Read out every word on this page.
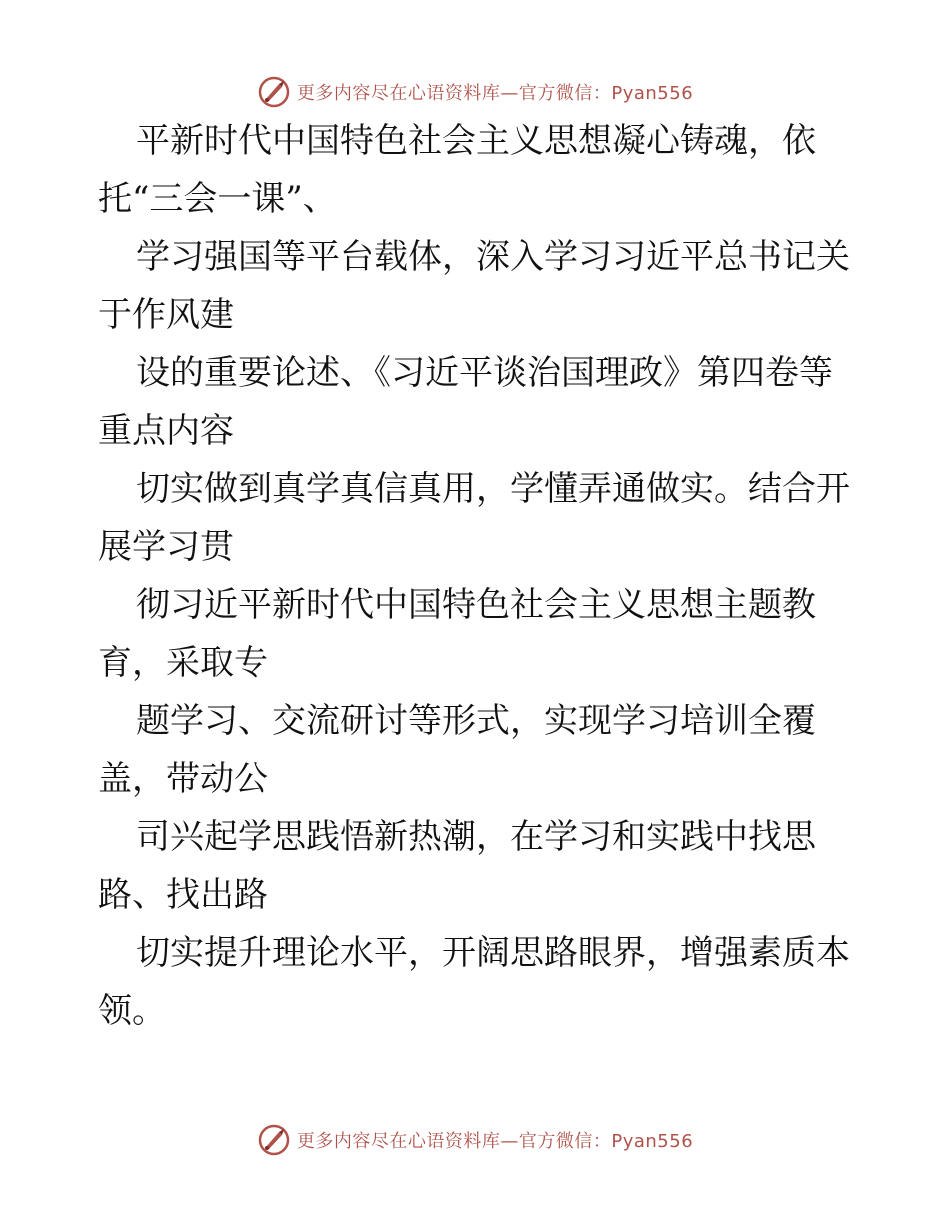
更多内容尽在心语资料库—官方微信：Pyan556

平新时代中国特色社会主义思想凝心铸魂，依
托“三会一课”、

学习强国等平台载体，深入学习习近平总书记关
于作风建

设的重要论述、《习近平谈治国理政》第四卷等
重点内容

切实做到真学真信真用，学懂弄通做实。结合开
展学习贯

彻习近平新时代中国特色社会主义思想主题教
育，采取专

题学习、交流研讨等形式，实现学习培训全覆
盖，带动公

司兴起学思践悟新热潮，在学习和实践中找思
路、找出路

切实提升理论水平，开阔思路眼界，增强素质本
领。

更多内容尽在心语资料库—官方微信：Pyan556
